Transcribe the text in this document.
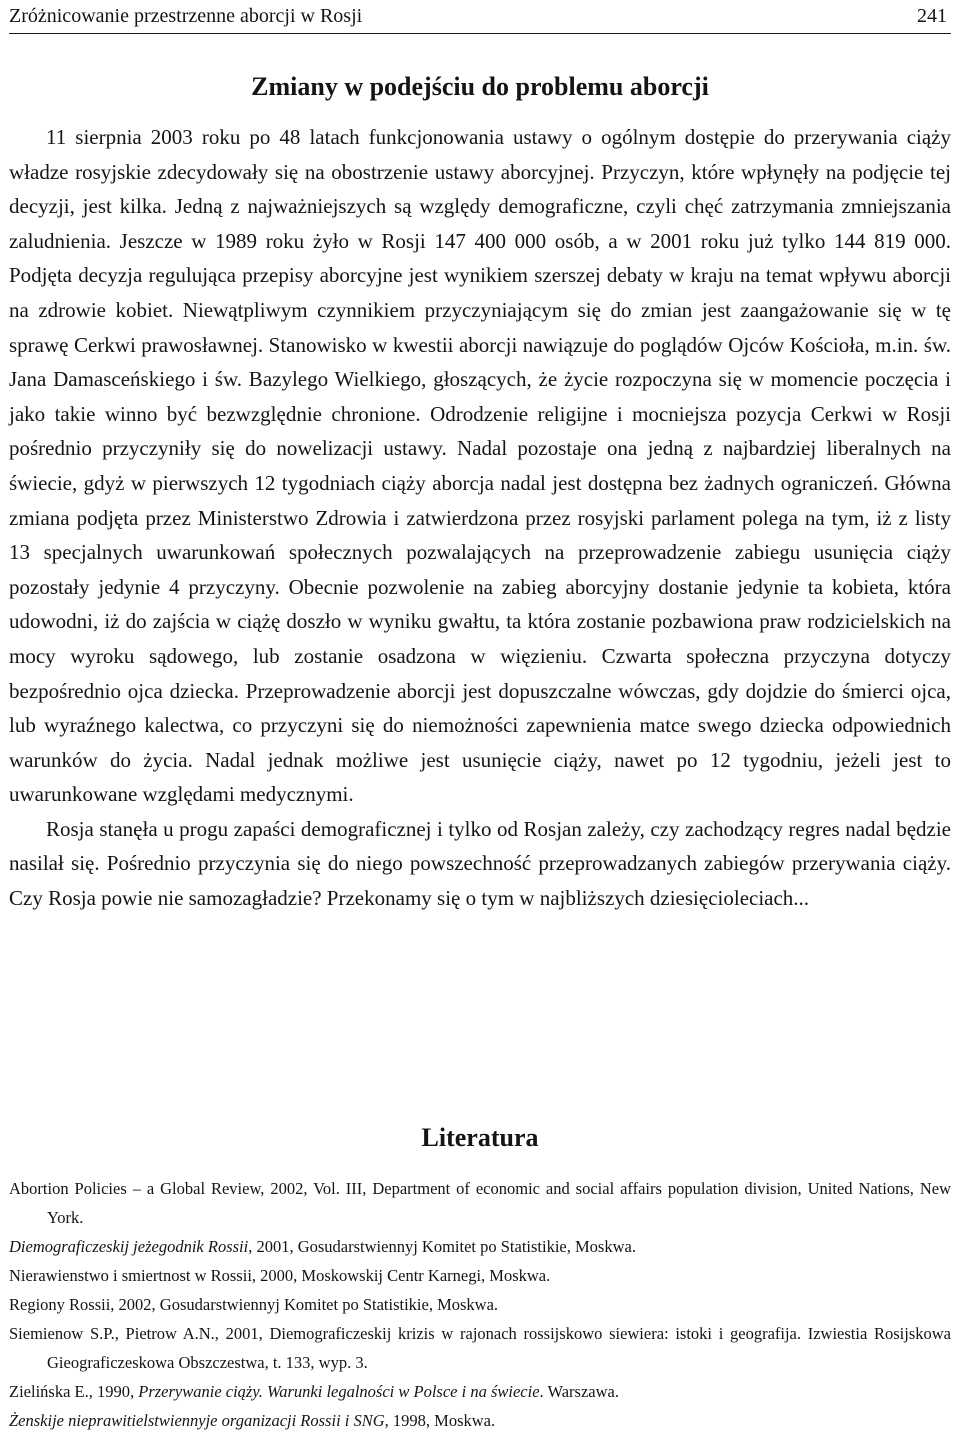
Zróżnicowanie przestrzenne aborcji w Rosji	241
Zmiany w podejściu do problemu aborcji

11 sierpnia 2003 roku po 48 latach funkcjonowania ustawy o ogólnym dostępie do przerywania ciąży władze rosyjskie zdecydowały się na obostrzenie ustawy aborcyjnej. Przyczyn, które wpłynęły na podjęcie tej decyzji, jest kilka. Jedną z najważniejszych są względy demograficzne, czyli chęć zatrzymania zmniejszania zaludnienia. Jeszcze w 1989 roku żyło w Rosji 147 400 000 osób, a w 2001 roku już tylko 144 819 000. Podjęta decyzja regulująca przepisy aborcyjne jest wynikiem szerszej debaty w kraju na temat wpływu aborcji na zdrowie kobiet. Niewątpliwym czynnikiem przyczyniającym się do zmian jest zaangażowanie się w tę sprawę Cerkwi prawosławnej. Stanowisko w kwestii aborcji nawiązuje do poglądów Ojców Kościoła, m.in. św. Jana Damasceńskiego i św. Bazylego Wielkiego, głoszących, że życie rozpoczyna się w momencie poczęcia i jako takie winno być bezwzględnie chronione. Odrodzenie religijne i mocniejsza pozycja Cerkwi w Rosji pośrednio przyczyniły się do nowelizacji ustawy. Nadal pozostaje ona jedną z najbardziej liberalnych na świecie, gdyż w pierwszych 12 tygodniach ciąży aborcja nadal jest dostępna bez żadnych ograniczeń. Główna zmiana podjęta przez Ministerstwo Zdrowia i zatwierdzona przez rosyjski parlament polega na tym, iż z listy 13 specjalnych uwarunkowań społecznych pozwalających na przeprowadzenie zabiegu usunięcia ciąży pozostały jedynie 4 przyczyny. Obecnie pozwolenie na zabieg aborcyjny dostanie jedynie ta kobieta, która udowodni, iż do zajścia w ciążę doszło w wyniku gwałtu, ta która zostanie pozbawiona praw rodzicielskich na mocy wyroku sądowego, lub zostanie osadzona w więzieniu. Czwarta społeczna przyczyna dotyczy bezpośrednio ojca dziecka. Przeprowadzenie aborcji jest dopuszczalne wówczas, gdy dojdzie do śmierci ojca, lub wyraźnego kalectwa, co przyczyni się do niemożności zapewnienia matce swego dziecka odpowiednich warunków do życia. Nadal jednak możliwe jest usunięcie ciąży, nawet po 12 tygodniu, jeżeli jest to uwarunkowane względami medycznymi.

Rosja stanęła u progu zapaści demograficznej i tylko od Rosjan zależy, czy zachodzący regres nadal będzie nasilał się. Pośrednio przyczynia się do niego powszechność przeprowadzanych zabiegów przerywania ciąży. Czy Rosja powie nie samozagładzie? Przekonamy się o tym w najbliższych dziesięcioleciach...

Literatura

Abortion Policies – a Global Review, 2002, Vol. III, Department of economic and social affairs population division, United Nations, New York.

Diemograficzeskij jeżegodnik Rossii, 2001, Gosudarstwiennyj Komitet po Statistikie, Moskwa.

Nierawienstwo i smiertnost w Rossii, 2000, Moskowskij Centr Karnegi, Moskwa.

Regiony Rossii, 2002, Gosudarstwiennyj Komitet po Statistikie, Moskwa.

Siemienow S.P., Pietrow A.N., 2001, Diemograficzeskij krizis w rajonach rossijskowo siewiera: istoki i geografija. Izwiestia Rosijskowa Gieograficzeskowa Obszczestwa, t. 133, wyp. 3.

Zielińska E., 1990, Przerywanie ciąży. Warunki legalności w Polsce i na świecie. Warszawa.

Żenskije nieprawitielstwiennyje organizacji Rossii i SNG, 1998, Moskwa.
